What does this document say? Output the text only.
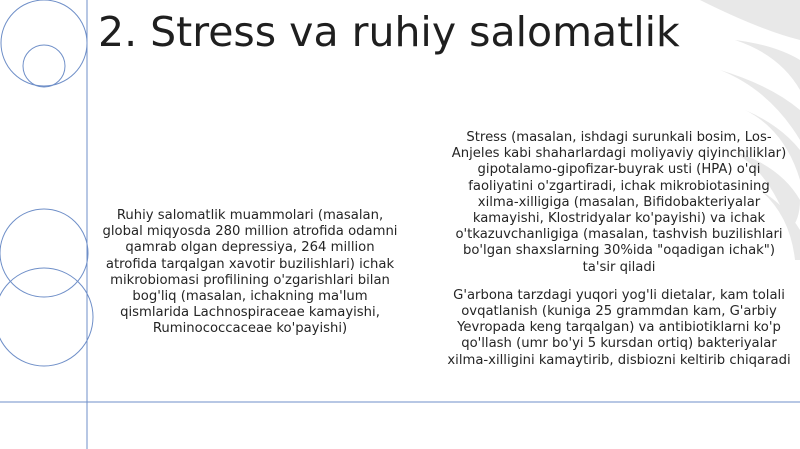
2. Stress va ruhiy salomatlik

Ruhiy salomatlik muammolari (masalan, global miqyosda 280 million atrofida odamni qamrab olgan depressiya, 264 million atrofida tarqalgan xavotir buzilishlari) ichak mikrobiomasi profilining o'zgarishlari bilan bog'liq (masalan, ichakning ma'lum qismlarida Lachnospiraceae kamayishi, Ruminococcaceae ko'payishi)

Stress (masalan, ishdagi surunkali bosim, Los-Anjeles kabi shaharlardagi moliyaviy qiyinchiliklar) gipotalamo-gipofizar-buyrak usti (HPA) o'qi faoliyatini o'zgartiradi, ichak mikrobiotasining xilma-xilligiga (masalan, Bifidobakteriyalar kamayishi, Klostridyalar ko'payishi) va ichak o'tkazuvchanligiga (masalan, tashvish buzilishlari bo'lgan shaxslarning 30%ida "oqadigan ichak") ta'sir qiladi

G'arbona tarzdagi yuqori yog'li dietalar, kam tolali ovqatlanish (kuniga 25 grammdan kam, G'arbiy Yevropada keng tarqalgan) va antibiotiklarni ko'p qo'llash (umr bo'yi 5 kursdan ortiq) bakteriyalar xilma-xilligini kamaytirib, disbiozni keltirib chiqaradi
